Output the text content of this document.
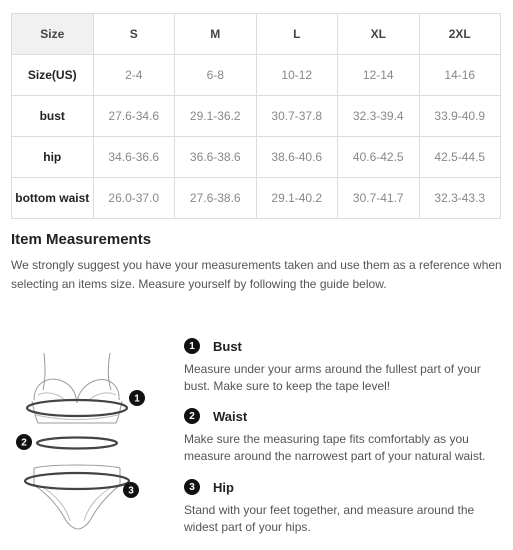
Size	S	M	L	XL	2XL
Size(US)	2-4	6-8	10-12	12-14	14-16
bust	27.6-34.6	29.1-36.2	30.7-37.8	32.3-39.4	33.9-40.9
hip	34.6-36.6	36.6-38.6	38.6-40.6	40.6-42.5	42.5-44.5
bottom waist	26.0-37.0	27.6-38.6	29.1-40.2	30.7-41.7	32.3-43.3
Item Measurements

We strongly suggest you have your measurements taken and use them as a reference when selecting an items size. Measure yourself by following the guide below.

1
2
3
1	Bust
Measure under your arms around the fullest part of your bust. Make sure to keep the tape level!
2	Waist
Make sure the measuring tape fits comfortably as you measure around the narrowest part of your natural waist.
3	Hip
Stand with your feet together, and measure around the widest part of your hips.
